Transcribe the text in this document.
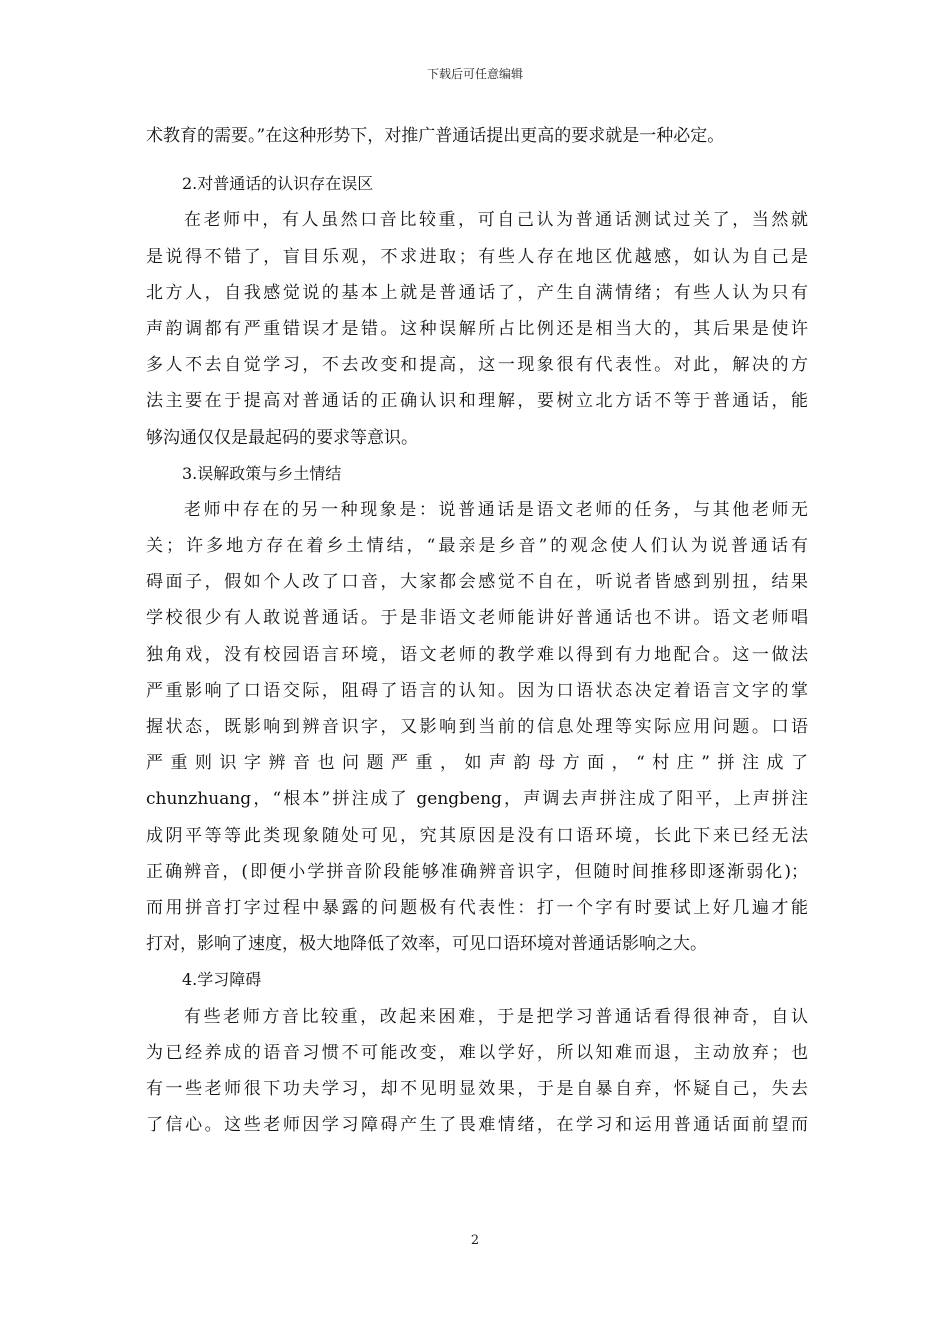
下载后可任意编辑
术教育的需要。”在这种形势下，对推广普通话提出更高的要求就是一种必定。
2.对普通话的认识存在误区
在老师中，有人虽然口音比较重，可自己认为普通话测试过关了，当然就
是说得不错了，盲目乐观，不求进取；有些人存在地区优越感，如认为自己是
北方人，自我感觉说的基本上就是普通话了，产生自满情绪；有些人认为只有
声韵调都有严重错误才是错。这种误解所占比例还是相当大的，其后果是使许
多人不去自觉学习，不去改变和提高，这一现象很有代表性。对此，解决的方
法主要在于提高对普通话的正确认识和理解，要树立北方话不等于普通话，能
够沟通仅仅是最起码的要求等意识。
3.误解政策与乡土情结
老师中存在的另一种现象是：说普通话是语文老师的任务，与其他老师无
关；许多地方存在着乡土情结，“最亲是乡音”的观念使人们认为说普通话有
碍面子，假如个人改了口音，大家都会感觉不自在，听说者皆感到别扭，结果
学校很少有人敢说普通话。于是非语文老师能讲好普通话也不讲。语文老师唱
独角戏，没有校园语言环境，语文老师的教学难以得到有力地配合。这一做法
严重影响了口语交际，阻碍了语言的认知。因为口语状态决定着语言文字的掌
握状态，既影响到辨音识字，又影响到当前的信息处理等实际应用问题。口语
严重则识字辨音也问题严重，如声韵母方面，“村庄”拼注成了
chunzhuang，“根本”拼注成了 gengbeng，声调去声拼注成了阳平，上声拼注
成阴平等等此类现象随处可见，究其原因是没有口语环境，长此下来已经无法
正确辨音，(即便小学拼音阶段能够准确辨音识字，但随时间推移即逐渐弱化)；
而用拼音打字过程中暴露的问题极有代表性：打一个字有时要试上好几遍才能
打对，影响了速度，极大地降低了效率，可见口语环境对普通话影响之大。
4.学习障碍
有些老师方音比较重，改起来困难，于是把学习普通话看得很神奇，自认
为已经养成的语音习惯不可能改变，难以学好，所以知难而退，主动放弃；也
有一些老师很下功夫学习，却不见明显效果，于是自暴自弃，怀疑自己，失去
了信心。这些老师因学习障碍产生了畏难情绪，在学习和运用普通话面前望而
2
